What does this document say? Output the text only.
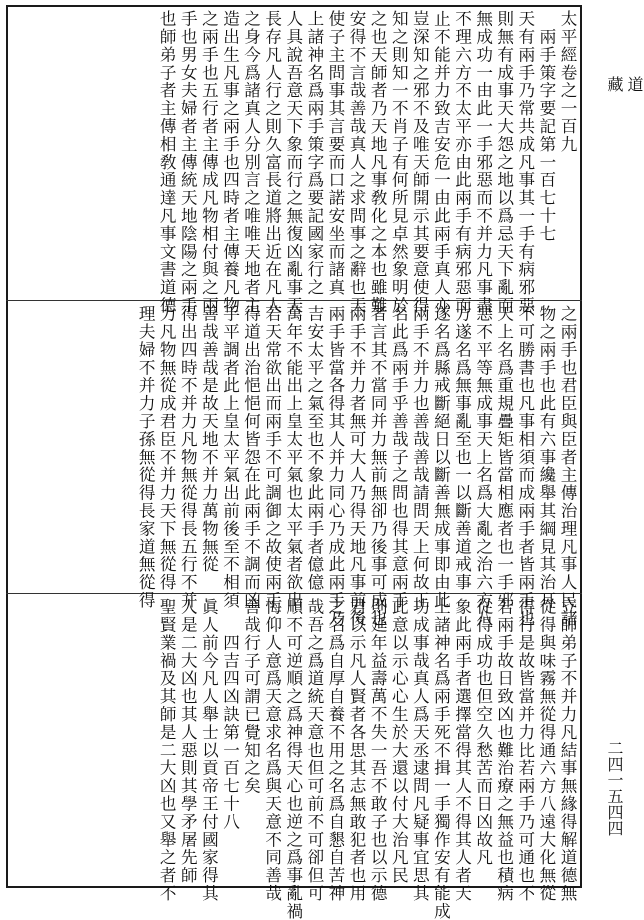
太平經卷之一百九
　兩手策字要記第一百七十七
天有兩手乃常共成凡事其一手有病邪惡
則無有成事天大怨之地以爲忌天下亂而
無成功一由此一手邪惡而不并力凡事盡
不理六方不太平亦由此兩手有病邪惡而
止不能并力致吉安危一由此兩手真人亦
豈深知之邪不及唯天師開示其要意使得
知之則知一不肖子有何所見卓然象明於
之也天師者乃天地凡事敎化之本也雖難
安得不言哉善哉真人之求問事之辭也天
使子主問事其言要而口諾安坐而諸真
上諸神名爲兩手策字爲要記國家行之
人具說吾意天下象而行之無復凶亂事天
長存凡人行之則久富長道將出近在凡人
之身今爲諸真人分別言之唯唯天地者主
造出生凡事之兩手也四時者主傳養凡物
之兩手也五行者主傳成凡物相付與之兩
手也男女夫婦者主傳統天地陰陽之兩手
也師弟子者主傳相敎通達凡事文書道德
之兩手也君臣與臣者主傳治理凡事人民諸
物之兩手也此有六事纔舉其綱見其治耳
不可勝書也凡事相須而成兩手者皆兩手也
天上名爲重規疊矩皆當相應者也一手邪
惡不平等無成事天上名爲大亂之治六方八
方遂名爲無事亂至也一以斷善道戒事
遂名爲縣戒斷絕日以斷善無成事即由此
兩手不并力也善哉善哉請問天上何故正
名此爲兩手乎善哉子之問也得其意兩手
者言其不當同并力無前無卻乃後事可成也
兩手不并力者無可大人乃得天地凡事前後
兩手皆當各得其人并力同心乃成此兩手乃
吉安太平之氣至也不象此兩手者億億
萬年不能出上皇太平氣也太平氣者欲出
若天常欲出而兩手不可調御之故使兩手
得道出治悒悒何皆怨在此兩手不調而凶
手平調者此上皇太平氣出前後至不相須
善哉善哉是故天地不并力萬物無從
得出四時不并力凡物無從得長五行不并
力凡物無從成君臣不并力天下無從得
理夫婦不并力子孫無從得長家道無從得
立師弟子不并力凡結事無緣得解道德無
從得與味霧無從得通六方八遠大化無從
得行是故皆當并力比若兩手乃可通也不
若兩手故日致凶也難治療之無益也積病
從得成功也但空久愁苦而日凶故凡
象此兩手者選擇當得其人不得其人者天
上諸神名爲兩手死不揖一手獨作安有能成
功成事哉真人爲天丞逮問凡疑事宜思其
此意以示心心生於大還以付大治凡民
則延年益壽萬不失一吾不敢子也以示德
君以示凡人賢者各思其志無敢犯者也用
之名爲自厚自養不用之名爲自懇自苦神
哉吾之爲道統天意也但可前不可卻但可
順不可逆順之爲神得天心也逆之爲事亂禍
悔仰人意爲天意求名爲與天意不同善哉
善哉行子可謂已覺知之矣
　　四吉四凶訣第一百七十八
眞人前今凡人舉士以貢帝王付國家得其
人是二大凶也其人惡則其學矛屠先師
聖賢業禍及其師是二大凶也又舉之者不
道
藏
二四一五四四
